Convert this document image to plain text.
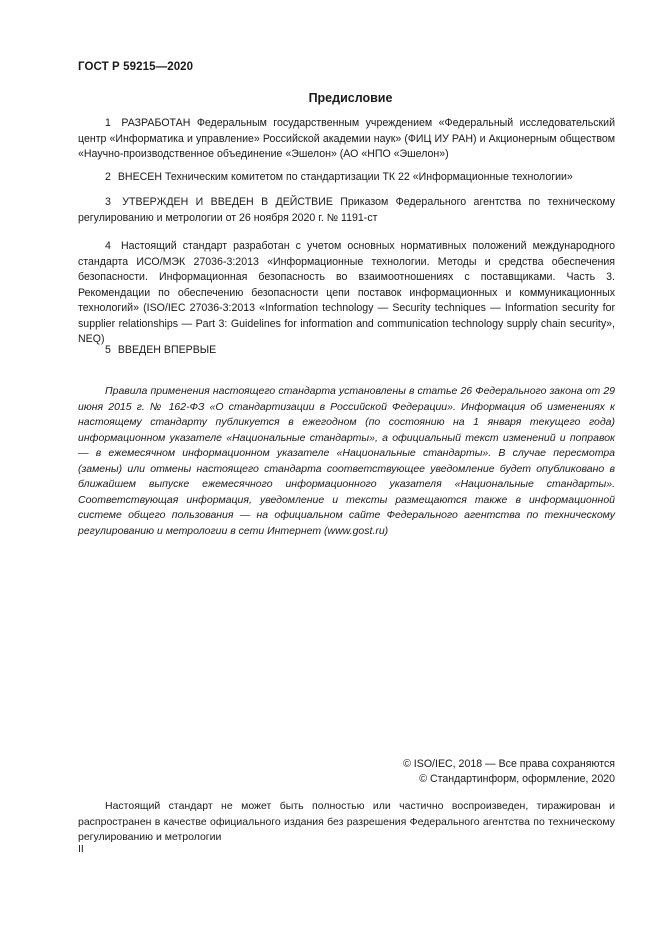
ГОСТ Р 59215—2020
Предисловие
1 РАЗРАБОТАН Федеральным государственным учреждением «Федеральный исследовательский центр «Информатика и управление» Российской академии наук» (ФИЦ ИУ РАН) и Акционерным обществом «Научно-производственное объединение «Эшелон» (АО «НПО «Эшелон»)
2 ВНЕСЕН Техническим комитетом по стандартизации ТК 22 «Информационные технологии»
3 УТВЕРЖДЕН И ВВЕДЕН В ДЕЙСТВИЕ Приказом Федерального агентства по техническому регулированию и метрологии от 26 ноября 2020 г. № 1191-ст
4 Настоящий стандарт разработан с учетом основных нормативных положений международного стандарта ИСО/МЭК 27036-3:2013 «Информационные технологии. Методы и средства обеспечения безопасности. Информационная безопасность во взаимоотношениях с поставщиками. Часть 3. Рекомендации по обеспечению безопасности цепи поставок информационных и коммуникационных технологий» (ISO/IEC 27036-3:2013 «Information technology — Security techniques — Information security for supplier relationships — Part 3: Guidelines for information and communication technology supply chain security», NEQ)
5 ВВЕДЕН ВПЕРВЫЕ
Правила применения настоящего стандарта установлены в статье 26 Федерального закона от 29 июня 2015 г. № 162-ФЗ «О стандартизации в Российской Федерации». Информация об изменениях к настоящему стандарту публикуется в ежегодном (по состоянию на 1 января текущего года) информационном указателе «Национальные стандарты», а официальный текст изменений и поправок — в ежемесячном информационном указателе «Национальные стандарты». В случае пересмотра (замены) или отмены настоящего стандарта соответствующее уведомление будет опубликовано в ближайшем выпуске ежемесячного информационного указателя «Национальные стандарты». Соответствующая информация, уведомление и тексты размещаются также в информационной системе общего пользования — на официальном сайте Федерального агентства по техническому регулированию и метрологии в сети Интернет (www.gost.ru)
© ISO/IEC, 2018 — Все права сохраняются
© Стандартинформ, оформление, 2020
Настоящий стандарт не может быть полностью или частично воспроизведен, тиражирован и распространен в качестве официального издания без разрешения Федерального агентства по техническому регулированию и метрологии
II
